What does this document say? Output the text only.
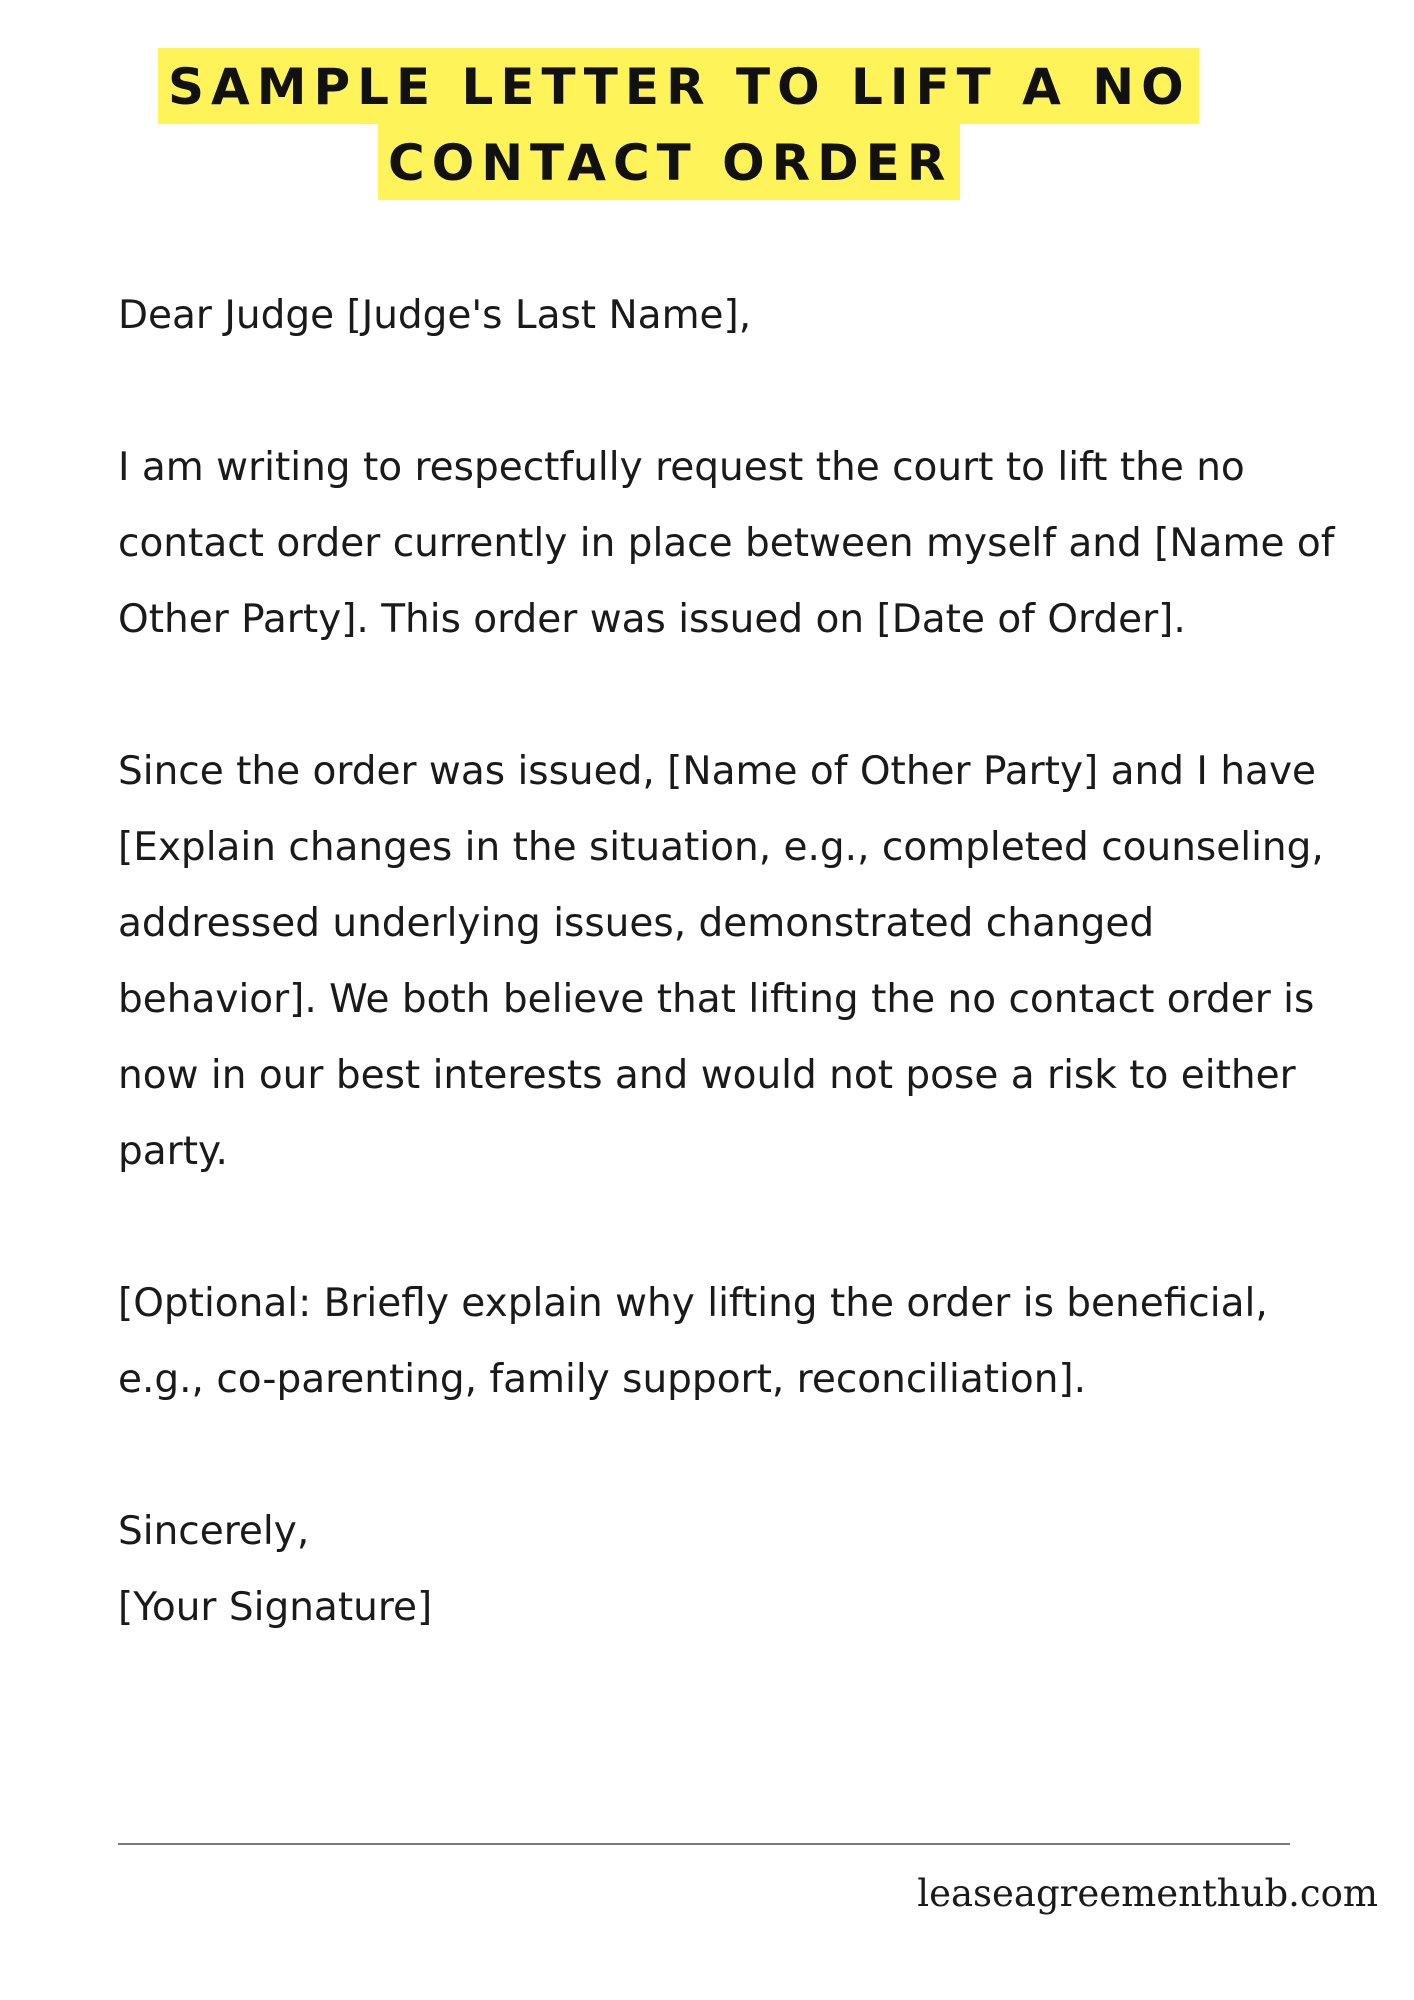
SAMPLE LETTER TO LIFT A NO
CONTACT ORDER

Dear Judge [Judge's Last Name],

I am writing to respectfully request the court to lift the no contact order currently in place between myself and [Name of Other Party]. This order was issued on [Date of Order].

Since the order was issued, [Name of Other Party] and I have [Explain changes in the situation, e.g., completed counseling, addressed underlying issues, demonstrated changed behavior]. We both believe that lifting the no contact order is now in our best interests and would not pose a risk to either party.

[Optional: Briefly explain why lifting the order is beneficial, e.g., co-parenting, family support, reconciliation].

Sincerely,

[Your Signature]

leaseagreementhub.com
